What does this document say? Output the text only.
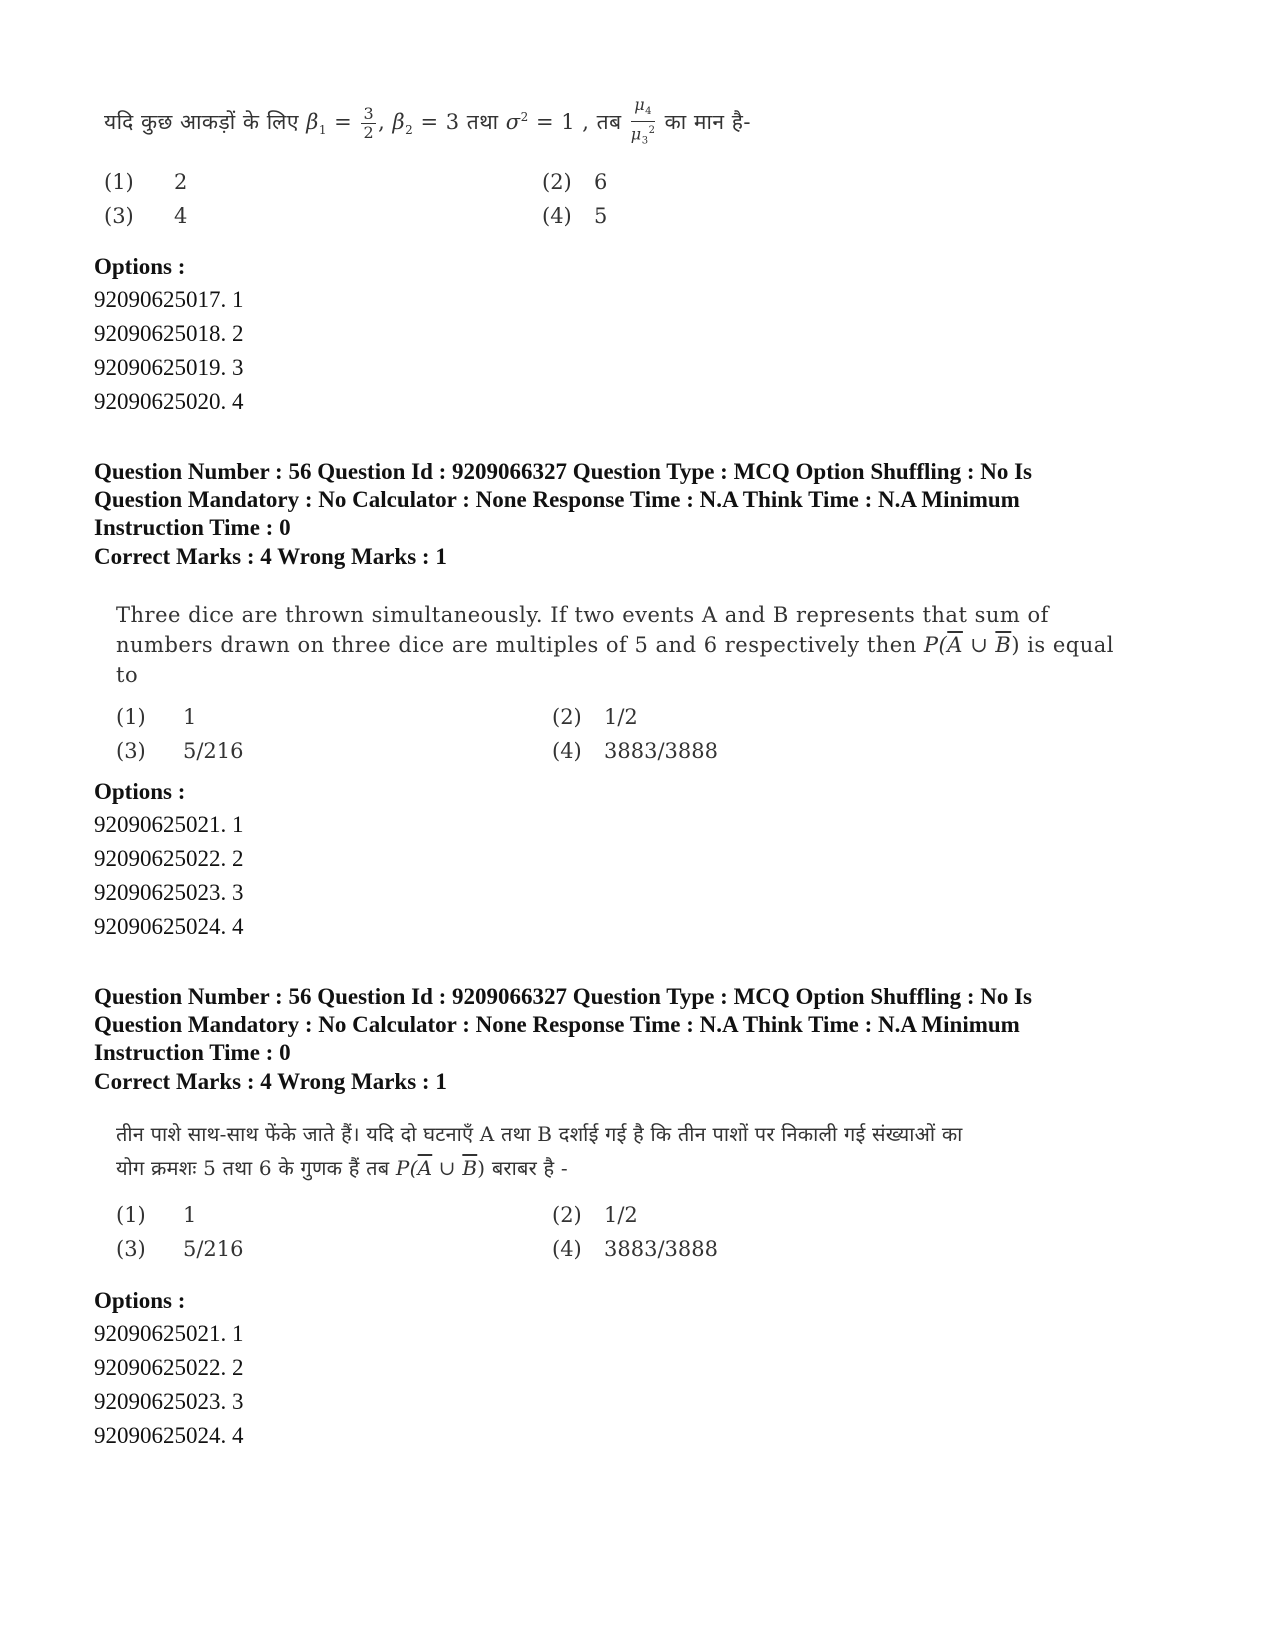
यदि कुछ आकड़ों के लिए $\beta_1 = \frac{3}{2}$ , $\beta_2 = 3$ तथा $\sigma^2 = 1$ , तब $\frac{\mu_4}{\mu_3^2}$ का मान है-
(1) 2	(2) 6
(3) 4	(4) 5
Options :
92090625017. 1
92090625018. 2
92090625019. 3
92090625020. 4
Question Number : 56 Question Id : 9209066327 Question Type : MCQ Option Shuffling : No Is
Question Mandatory : No Calculator : None Response Time : N.A Think Time : N.A Minimum
Instruction Time : 0
Correct Marks : 4 Wrong Marks : 1
Three dice are thrown simultaneously. If two events A and B represents that sum of
numbers drawn on three dice are multiples of 5 and 6 respectively then $P(\overline{A}$ ∪ $\overline{B}$) is equal
to
(1) 1	(2) 1/2
(3) 5/216	(4) 3883/3888
Options :
92090625021. 1
92090625022. 2
92090625023. 3
92090625024. 4
Question Number : 56 Question Id : 9209066327 Question Type : MCQ Option Shuffling : No Is
Question Mandatory : No Calculator : None Response Time : N.A Think Time : N.A Minimum
Instruction Time : 0
Correct Marks : 4 Wrong Marks : 1
तीन पाशे साथ-साथ फेंके जाते हैं। यदि दो घटनाएँ A तथा B दर्शाई गई है कि तीन पाशों पर निकाली गई संख्याओं का
योग क्रमशः 5 तथा 6 के गुणक हैं तब $P(\overline{A}$ ∪ $\overline{B}$) बराबर है -
(1) 1	(2) 1/2
(3) 5/216	(4) 3883/3888
Options :
92090625021. 1
92090625022. 2
92090625023. 3
92090625024. 4
